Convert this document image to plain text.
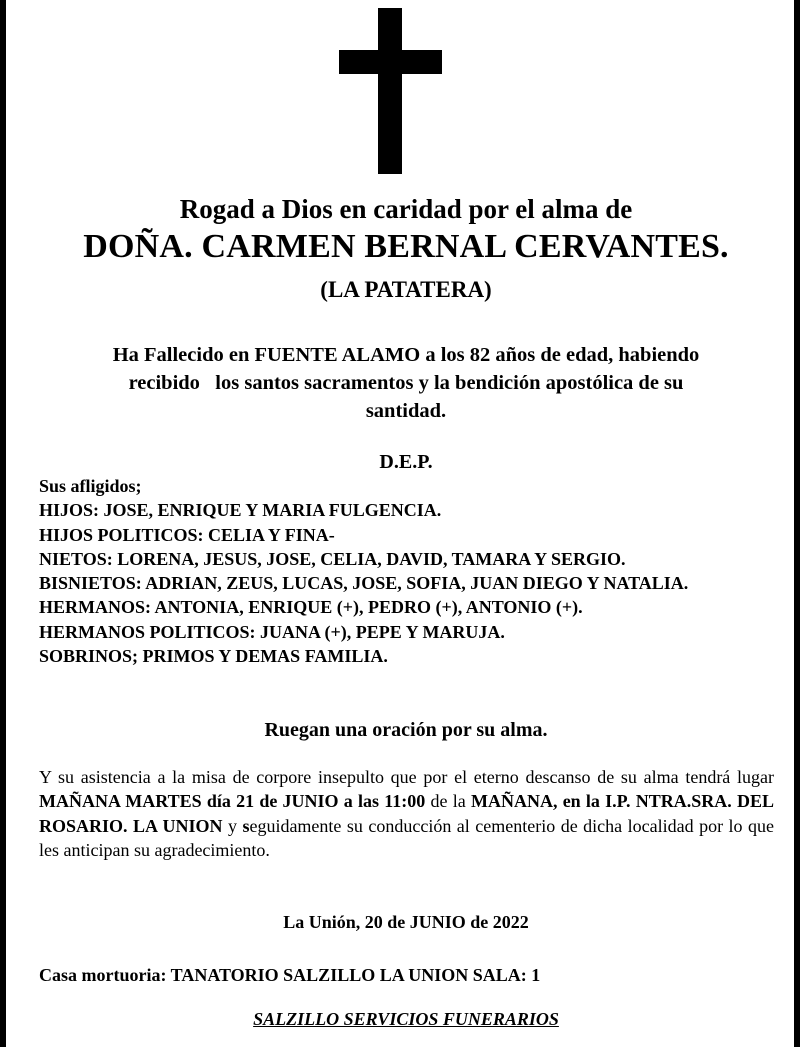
Rogad a Dios en caridad por el alma de
DOÑA. CARMEN BERNAL CERVANTES.
(LA PATATERA)
Ha Fallecido en FUENTE ALAMO a los 82 años de edad, habiendo
recibido   los santos sacramentos y la bendición apostólica de su
santidad.
D.E.P.
Sus afligidos;
HIJOS: JOSE, ENRIQUE Y MARIA FULGENCIA.
HIJOS POLITICOS: CELIA Y FINA-
NIETOS: LORENA, JESUS, JOSE, CELIA, DAVID, TAMARA Y SERGIO.
BISNIETOS: ADRIAN, ZEUS, LUCAS, JOSE, SOFIA, JUAN DIEGO Y NATALIA.
HERMANOS: ANTONIA, ENRIQUE (+), PEDRO (+), ANTONIO (+).
HERMANOS POLITICOS: JUANA (+), PEPE Y MARUJA.
SOBRINOS; PRIMOS Y DEMAS FAMILIA.
Ruegan una oración por su alma.
Y su asistencia a la misa de corpore insepulto que por el eterno descanso de su alma tendrá lugar MAÑANA MARTES día 21 de JUNIO a las 11:00 de la MAÑANA, en la I.P. NTRA.SRA. DEL ROSARIO. LA UNION y seguidamente su conducción al cementerio de dicha localidad por lo que les anticipan su agradecimiento.
La Unión, 20 de JUNIO de 2022
Casa mortuoria: TANATORIO SALZILLO LA UNION SALA: 1
SALZILLO SERVICIOS FUNERARIOS
